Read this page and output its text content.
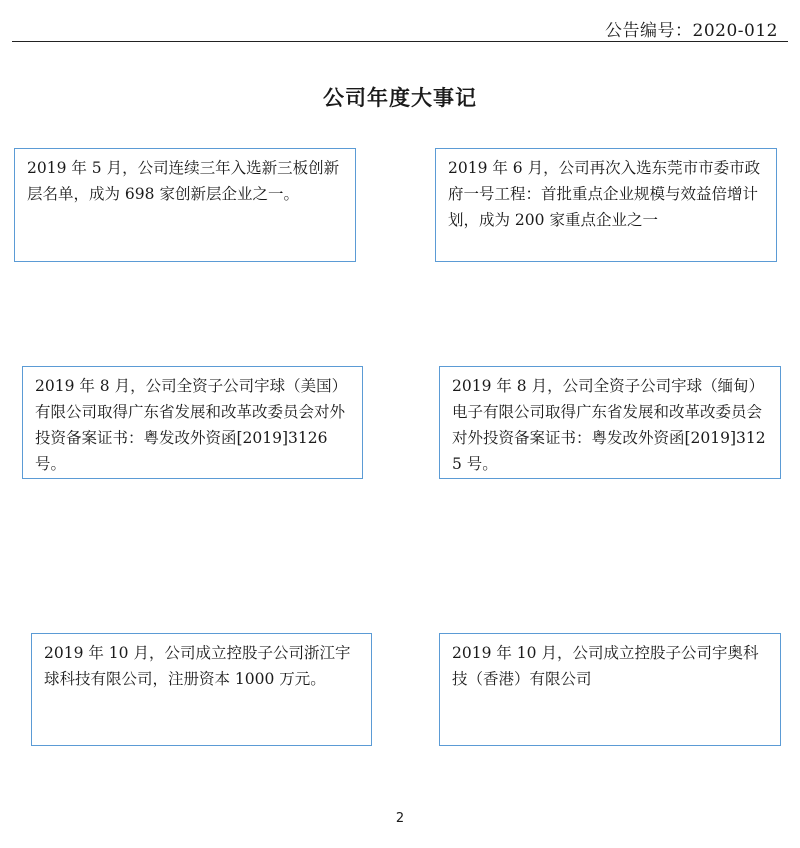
公告编号：2020-012
公司年度大事记
2019 年 5 月，公司连续三年入选新三板创新层名单，成为 698 家创新层企业之一。
2019 年 6 月，公司再次入选东莞市市委市政府一号工程：首批重点企业规模与效益倍增计划，成为 200 家重点企业之一
2019 年 8 月，公司全资子公司宇球（美国）有限公司取得广东省发展和改革改委员会对外投资备案证书：粤发改外资函[2019]3126 号。
2019 年 8 月，公司全资子公司宇球（缅甸）电子有限公司取得广东省发展和改革改委员会对外投资备案证书：粤发改外资函[2019]3125 号。
2019 年 10 月，公司成立控股子公司浙江宇球科技有限公司，注册资本 1000 万元。
2019 年 10 月，公司成立控股子公司宇奥科技（香港）有限公司
2
